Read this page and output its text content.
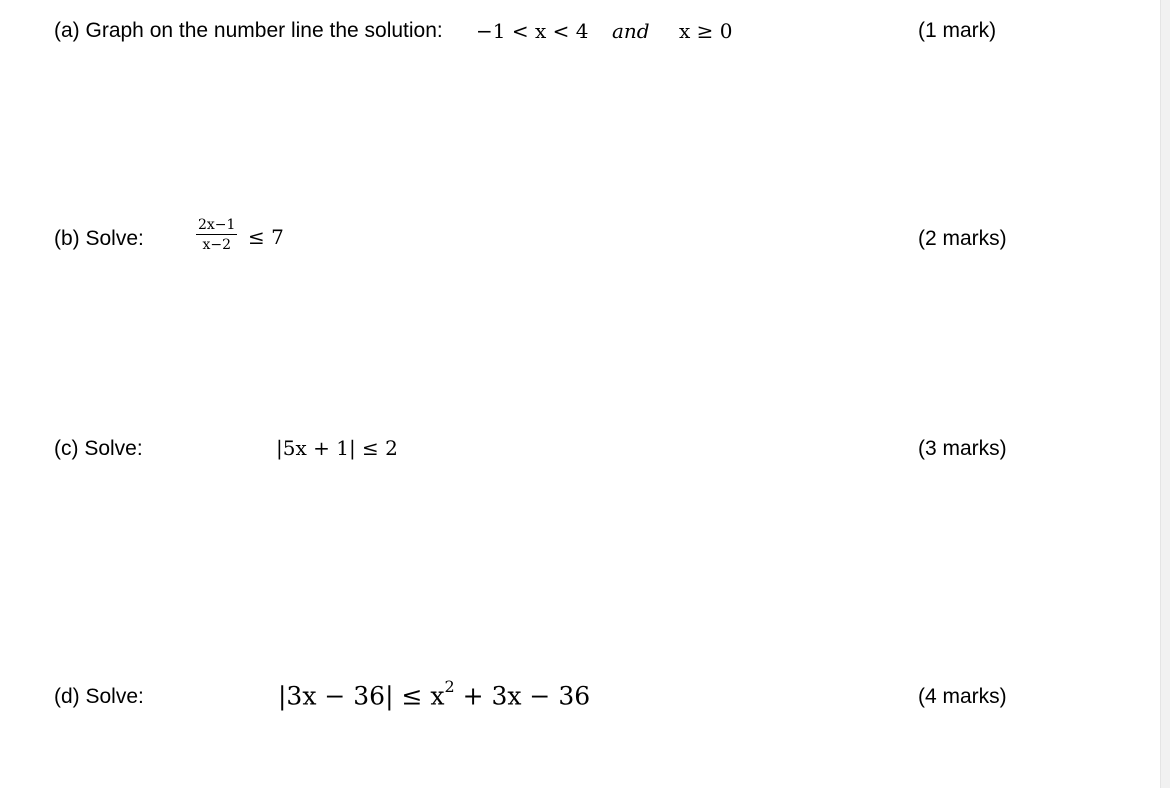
(a) Graph on the number line the solution: −1 < x < 4 and x ≥ 0	(1 mark)
(b) Solve:
2x−1
x−2 ≤ 7	(2 marks)
(c) Solve:	|5x + 1| ≤ 2	(3 marks)
(d) Solve:	$|3x - 36| \le x^2 + 3x - 36$	(4 marks)
